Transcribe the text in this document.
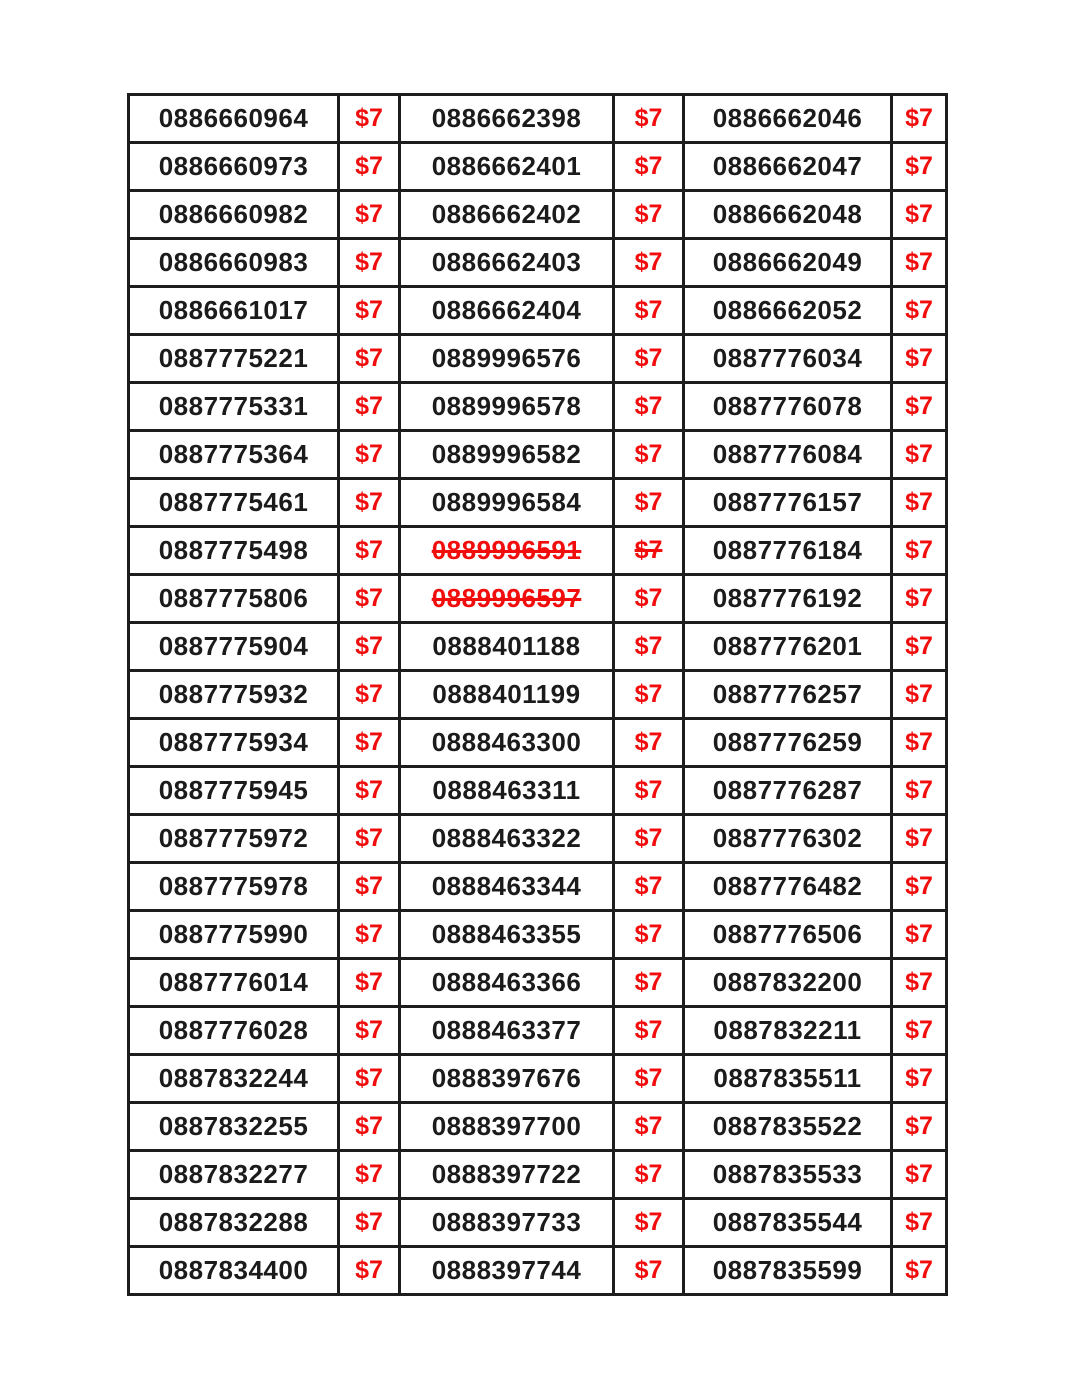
0886660964	$7	0886662398	$7	0886662046	$7
0886660973	$7	0886662401	$7	0886662047	$7
0886660982	$7	0886662402	$7	0886662048	$7
0886660983	$7	0886662403	$7	0886662049	$7
0886661017	$7	0886662404	$7	0886662052	$7
0887775221	$7	0889996576	$7	0887776034	$7
0887775331	$7	0889996578	$7	0887776078	$7
0887775364	$7	0889996582	$7	0887776084	$7
0887775461	$7	0889996584	$7	0887776157	$7
0887775498	$7	0889996591	$7	0887776184	$7
0887775806	$7	0889996597	$7	0887776192	$7
0887775904	$7	0888401188	$7	0887776201	$7
0887775932	$7	0888401199	$7	0887776257	$7
0887775934	$7	0888463300	$7	0887776259	$7
0887775945	$7	0888463311	$7	0887776287	$7
0887775972	$7	0888463322	$7	0887776302	$7
0887775978	$7	0888463344	$7	0887776482	$7
0887775990	$7	0888463355	$7	0887776506	$7
0887776014	$7	0888463366	$7	0887832200	$7
0887776028	$7	0888463377	$7	0887832211	$7
0887832244	$7	0888397676	$7	0887835511	$7
0887832255	$7	0888397700	$7	0887835522	$7
0887832277	$7	0888397722	$7	0887835533	$7
0887832288	$7	0888397733	$7	0887835544	$7
0887834400	$7	0888397744	$7	0887835599	$7
